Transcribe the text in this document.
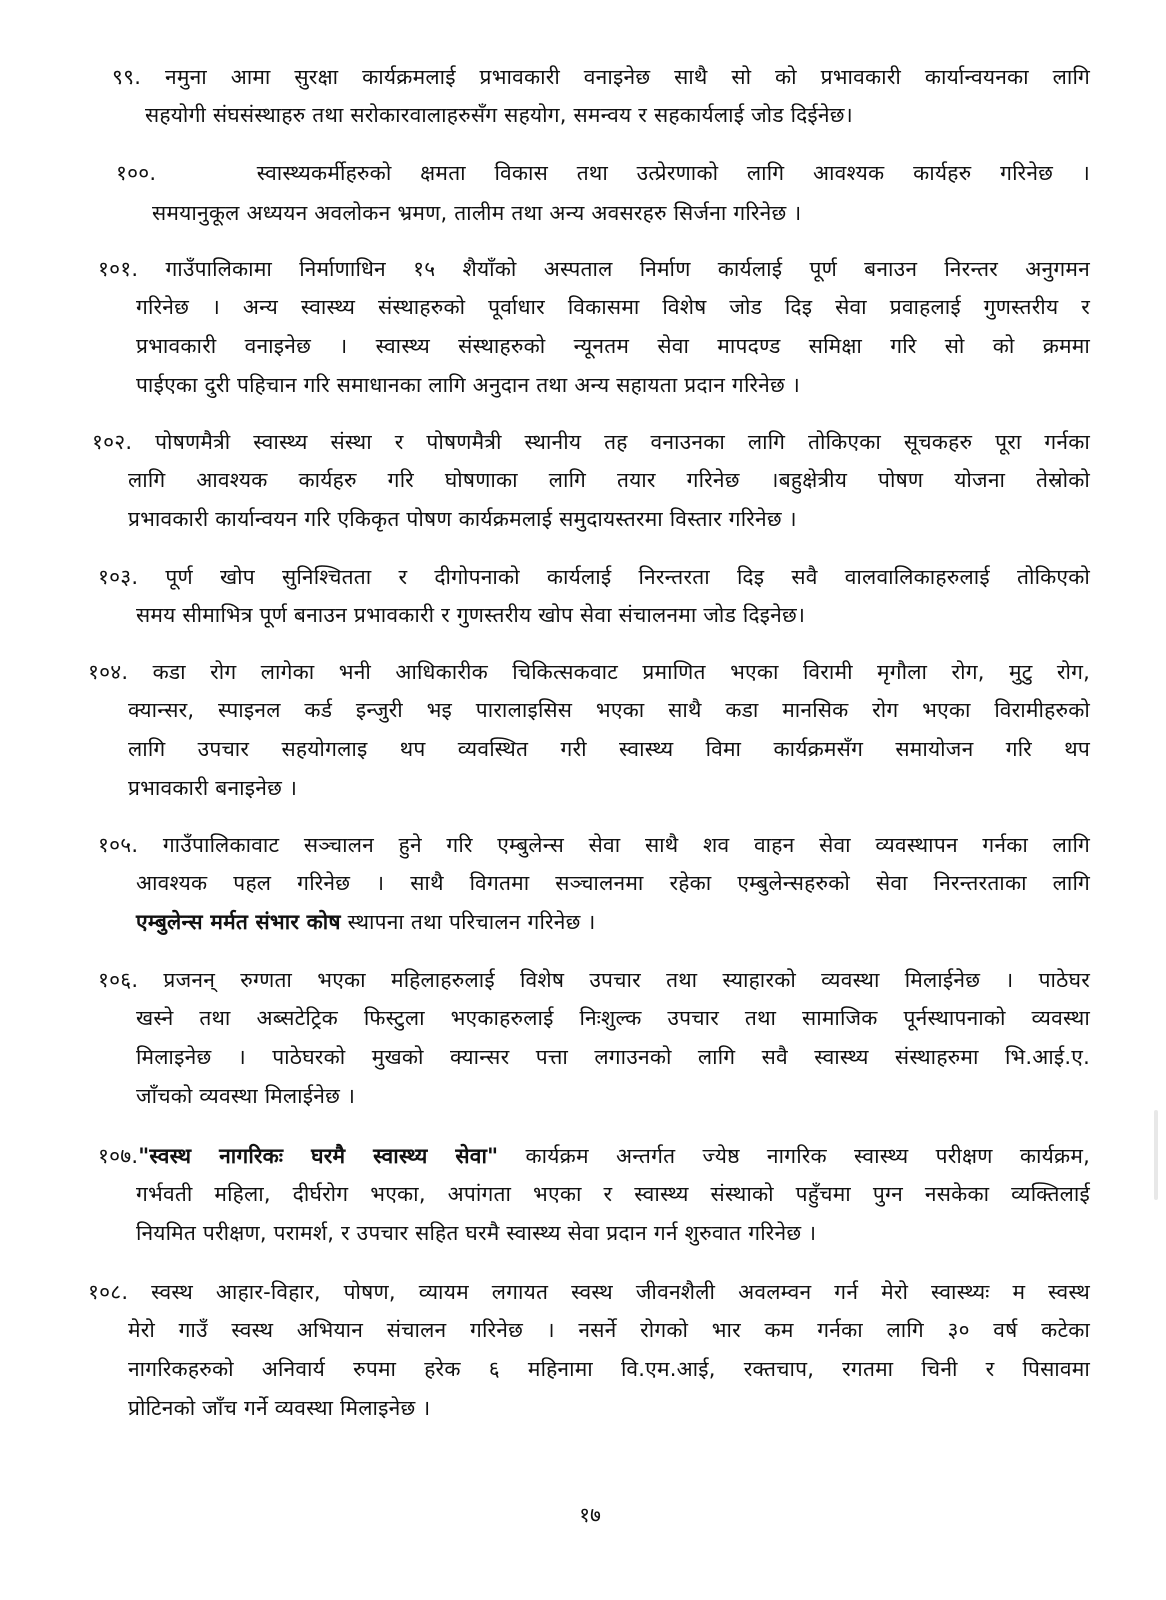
९९. नमुना आमा सुरक्षा कार्यक्रमलाई प्रभावकारी वनाइनेछ साथै सो को प्रभावकारी कार्यान्वयनका लागि
सहयोगी संघसंस्थाहरु तथा सरोकारवालाहरुसँग सहयोग, समन्वय र सहकार्यलाई जोड दिईनेछ।
१००.	स्वास्थ्यकर्मीहरुको क्षमता विकास तथा उत्प्रेरणाको लागि आवश्यक कार्यहरु गरिनेछ ।
समयानुकूल अध्ययन अवलोकन भ्रमण, तालीम तथा अन्य अवसरहरु सिर्जना गरिनेछ ।
१०१. गाउँपालिकामा निर्माणाधिन १५ शैयाँको अस्पताल निर्माण कार्यलाई पूर्ण बनाउन निरन्तर अनुगमन
गरिनेछ । अन्य स्वास्थ्य संस्थाहरुको पूर्वाधार विकासमा विशेष जोड दिइ सेवा प्रवाहलाई गुणस्तरीय र
प्रभावकारी वनाइनेछ । स्वास्थ्य संस्थाहरुको न्यूनतम सेवा मापदण्ड समिक्षा गरि सो को क्रममा
पाईएका दुरी पहिचान गरि समाधानका लागि अनुदान तथा अन्य सहायता प्रदान गरिनेछ ।
१०२. पोषणमैत्री स्वास्थ्य संस्था र पोषणमैत्री स्थानीय तह वनाउनका लागि तोकिएका सूचकहरु पूरा गर्नका
लागि आवश्यक कार्यहरु गरि घोषणाका लागि तयार गरिनेछ ।बहुक्षेत्रीय पोषण योजना तेस्रोको
प्रभावकारी कार्यान्वयन गरि एकिकृत पोषण कार्यक्रमलाई समुदायस्तरमा विस्तार गरिनेछ ।
१०३. पूर्ण खोप सुनिश्चितता र दीगोपनाको कार्यलाई निरन्तरता दिइ सवै वालवालिकाहरुलाई तोकिएको
समय सीमाभित्र पूर्ण बनाउन प्रभावकारी र गुणस्तरीय खोप सेवा संचालनमा जोड दिइनेछ।
१०४. कडा रोग लागेका भनी आधिकारीक चिकित्सकवाट प्रमाणित भएका विरामी मृगौला रोग, मुटु रोग,
क्यान्सर, स्पाइनल कर्ड इन्जुरी भइ पारालाइसिस भएका साथै कडा मानसिक रोग भएका विरामीहरुको
लागि उपचार सहयोगलाइ थप व्यवस्थित गरी स्वास्थ्य विमा कार्यक्रमसँग समायोजन गरि थप
प्रभावकारी बनाइनेछ ।
१०५. गाउँपालिकावाट सञ्चालन हुने गरि एम्बुलेन्स सेवा साथै शव वाहन सेवा व्यवस्थापन गर्नका लागि
आवश्यक पहल गरिनेछ । साथै विगतमा सञ्चालनमा रहेका एम्बुलेन्सहरुको सेवा निरन्तरताका लागि
एम्बुलेन्स मर्मत संभार कोष स्थापना तथा परिचालन गरिनेछ ।
१०६. प्रजनन् रुग्णता भएका महिलाहरुलाई विशेष उपचार तथा स्याहारको व्यवस्था मिलाईनेछ । पाठेघर
खस्ने तथा अब्सटेट्रिक फिस्टुला भएकाहरुलाई निःशुल्क उपचार तथा सामाजिक पूर्नस्थापनाको व्यवस्था
मिलाइनेछ । पाठेघरको मुखको क्यान्सर पत्ता लगाउनको लागि सवै स्वास्थ्य संस्थाहरुमा भि.आई.ए.
जाँचको व्यवस्था मिलाईनेछ ।
१०७."स्वस्थ नागरिकः घरमै स्वास्थ्य सेवा" कार्यक्रम अन्तर्गत ज्येष्ठ नागरिक स्वास्थ्य परीक्षण कार्यक्रम,
गर्भवती महिला, दीर्घरोग भएका, अपांगता भएका र स्वास्थ्य संस्थाको पहुँचमा पुग्न नसकेका व्यक्तिलाई
नियमित परीक्षण, परामर्श, र उपचार सहित घरमै स्वास्थ्य सेवा प्रदान गर्न शुरुवात गरिनेछ ।
१०८. स्वस्थ आहार-विहार, पोषण, व्यायम लगायत स्वस्थ जीवनशैली अवलम्वन गर्न मेरो स्वास्थ्यः म स्वस्थ
मेरो गाउँ स्वस्थ अभियान संचालन गरिनेछ । नसर्ने रोगको भार कम गर्नका लागि ३० वर्ष कटेका
नागरिकहरुको अनिवार्य रुपमा हरेक ६ महिनामा वि.एम.आई, रक्तचाप, रगतमा चिनी र पिसावमा
प्रोटिनको जाँच गर्ने व्यवस्था मिलाइनेछ ।
१७
